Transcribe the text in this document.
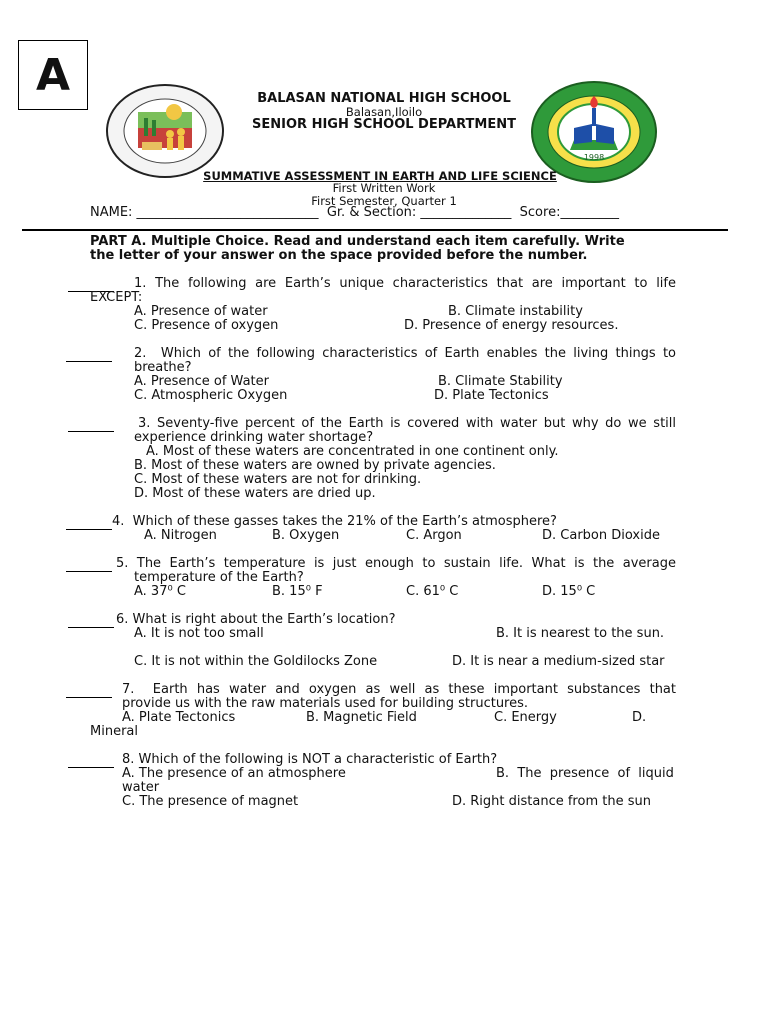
A
1998
BALASAN NATIONAL HIGH SCHOOL
Balasan,Iloilo
SENIOR HIGH SCHOOL DEPARTMENT
SUMMATIVE ASSESSMENT IN EARTH AND LIFE SCIENCE
First Written Work
First Semester, Quarter 1
NAME: ____________________________  Gr. & Section: ______________  Score:_________
PART A. Multiple Choice. Read and understand each item carefully. Write
the letter of your answer on the space provided before the number.
1. The following are Earth’s unique characteristics that are important to life
EXCEPT:
A. Presence of water	B. Climate instability
C. Presence of oxygen	D. Presence of energy resources.
2.  Which of the following characteristics of Earth enables the living things to
breathe?
A. Presence of Water	B. Climate Stability
C. Atmospheric Oxygen	D. Plate Tectonics
3. Seventy-five percent of the Earth is covered with water but why do we still
experience drinking water shortage?
A. Most of these waters are concentrated in one continent only.
B. Most of these waters are owned by private agencies.
C. Most of these waters are not for drinking.
D. Most of these waters are dried up.
4.  Which of these gasses takes the 21% of the Earth’s atmosphere?
A. Nitrogen	B. Oxygen	C. Argon	D. Carbon Dioxide
5. The Earth’s temperature is just enough to sustain life. What is the average
temperature of the Earth?
A. 37⁰ C	B. 15⁰ F	C. 61⁰ C	D. 15⁰ C
6. What is right about the Earth’s location?
A. It is not too small	B. It is nearest to the sun.
C. It is not within the Goldilocks Zone	D. It is near a medium-sized star
7.  Earth has water and oxygen as well as these important substances that
provide us with the raw materials used for building structures.
A. Plate Tectonics	B. Magnetic Field	C. Energy	D.
Mineral
8. Which of the following is NOT a characteristic of Earth?
A. The presence of an atmosphere	B.  The  presence  of  liquid
water
C. The presence of magnet	D. Right distance from the sun
